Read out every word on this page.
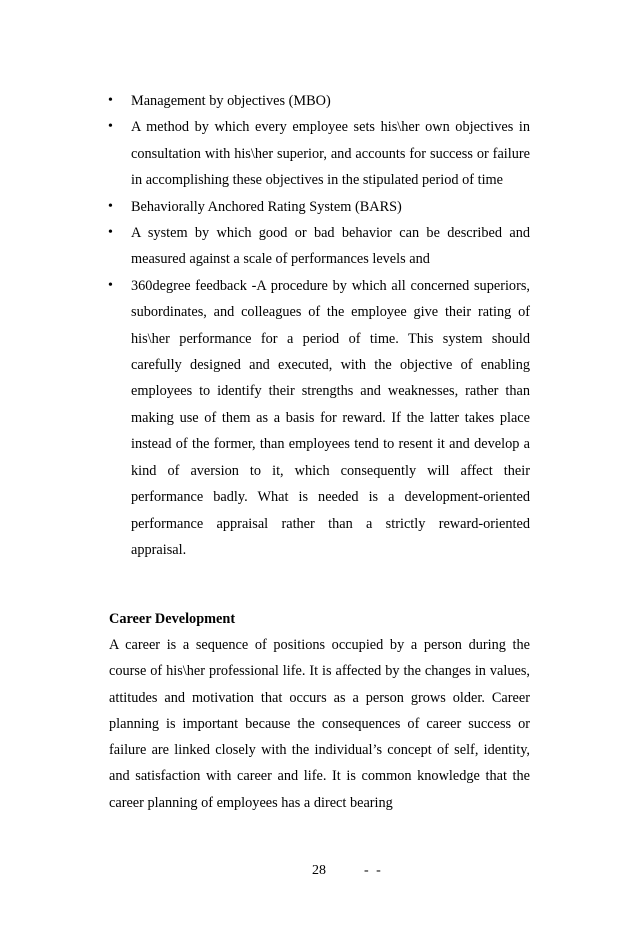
• Management by objectives (MBO)
• A method by which every employee sets his\her own objectives in consultation with his\her superior, and accounts for success or failure in accomplishing these objectives in the stipulated period of time
• Behaviorally Anchored Rating System (BARS)
• A system by which good or bad behavior can be described and measured against a scale of performances levels and
• 360degree feedback -A procedure by which all concerned superiors, subordinates, and colleagues of the employee give their rating of his\her performance for a period of time. This system should carefully designed and executed, with the objective of enabling employees to identify their strengths and weaknesses, rather than making use of them as a basis for reward. If the latter takes place instead of the former, than employees tend to resent it and develop a kind of aversion to it, which consequently will affect their performance badly. What is needed is a development-oriented performance appraisal rather than a strictly reward-oriented appraisal.
Career Development

A career is a sequence of positions occupied by a person during the course of his\her professional life. It is affected by the changes in values, attitudes and motivation that occurs as a person grows older. Career planning is important because the consequences of career success or failure are linked closely with the individual’s concept of self, identity, and satisfaction with career and life. It is common knowledge that the career planning of employees has a direct bearing

28	- -
